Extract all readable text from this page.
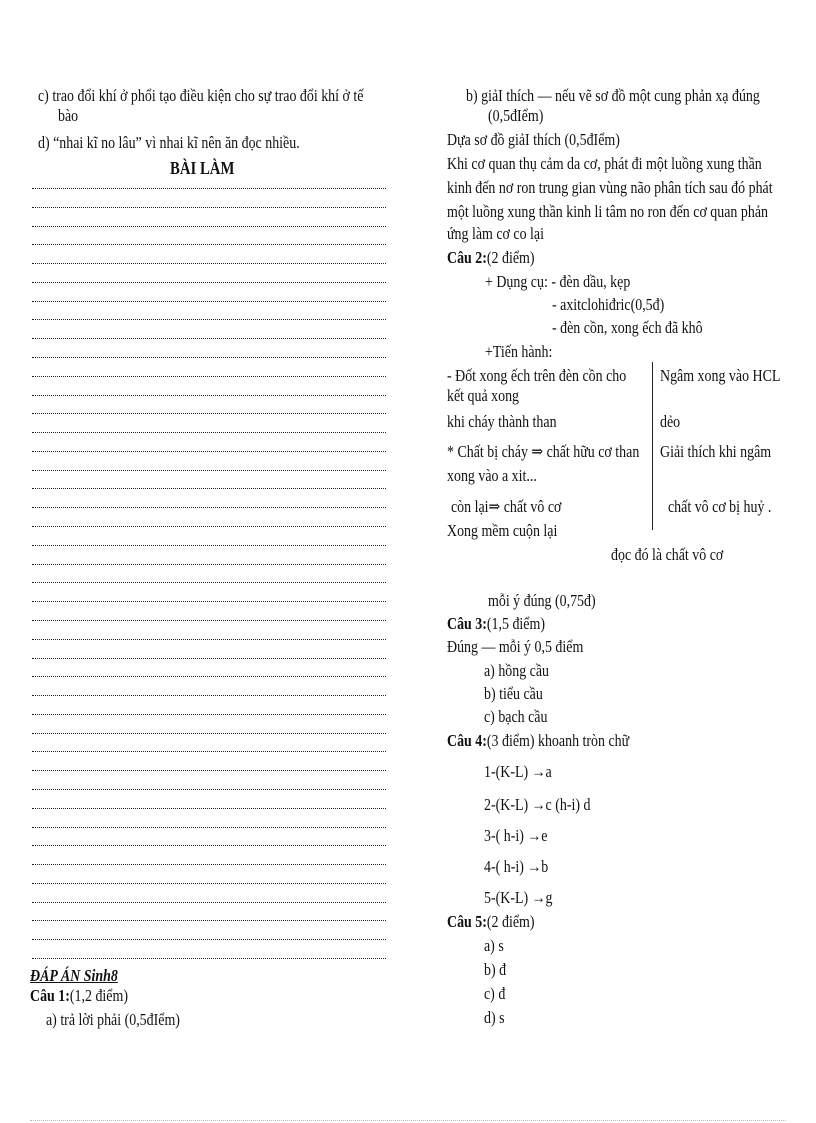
c) trao đổi khí ở phổi tạo điều kiện cho sự trao đổi khí ở tế
bào
d) “nhai kĩ no lâu” vì nhai kĩ nên ăn đọc nhiều.
BÀI LÀM
ĐÁP ÁN Sinh8
Câu 1:(1,2 điểm)
a) trả lời phải (0,5đIểm)
b) giảI thích — nếu vẽ sơ đồ một cung phản xạ đúng
(0,5đIểm)
Dựa sơ đồ giảI thích (0,5đIểm)
Khi cơ quan thụ cảm da cơ, phát đi một luồng xung thần
kinh đến nơ ron trung gian vùng não phân tích sau đó phát
một luồng xung thần kinh li tâm no ron đến cơ quan phản
ứng làm cơ co lại
Câu 2:(2 điểm)
+ Dụng cụ: - đèn dầu, kẹp
- axitclohiđric(0,5đ)
- đèn cồn, xong ếch đã khô
+Tiến hành:
- Đốt xong ếch trên đèn cồn cho Ngâm xong vào HCL
kết quả xong
khi cháy thành than	dẻo
* Chất bị cháy ⇒ chất hữu cơ than Giải thích khi ngâm
xong vào a xit...
còn lại⇒ chất vô cơ	chất vô cơ bị huỷ .
Xong mềm cuộn lại
đọc đó là chất vô cơ
mỗi ý đúng (0,75đ)
Câu 3:(1,5 điểm)
Đúng — mỗi ý 0,5 điểm
a) hồng cầu
b) tiểu cầu
c) bạch cầu
Câu 4:(3 điểm) khoanh tròn chữ
1-(K-L) →a
2-(K-L) →c (h-i) d
3-( h-i) →e
4-( h-i) →b
5-(K-L) →g
Câu 5:(2 điểm)
a) s
b) đ
c) đ
d) s
